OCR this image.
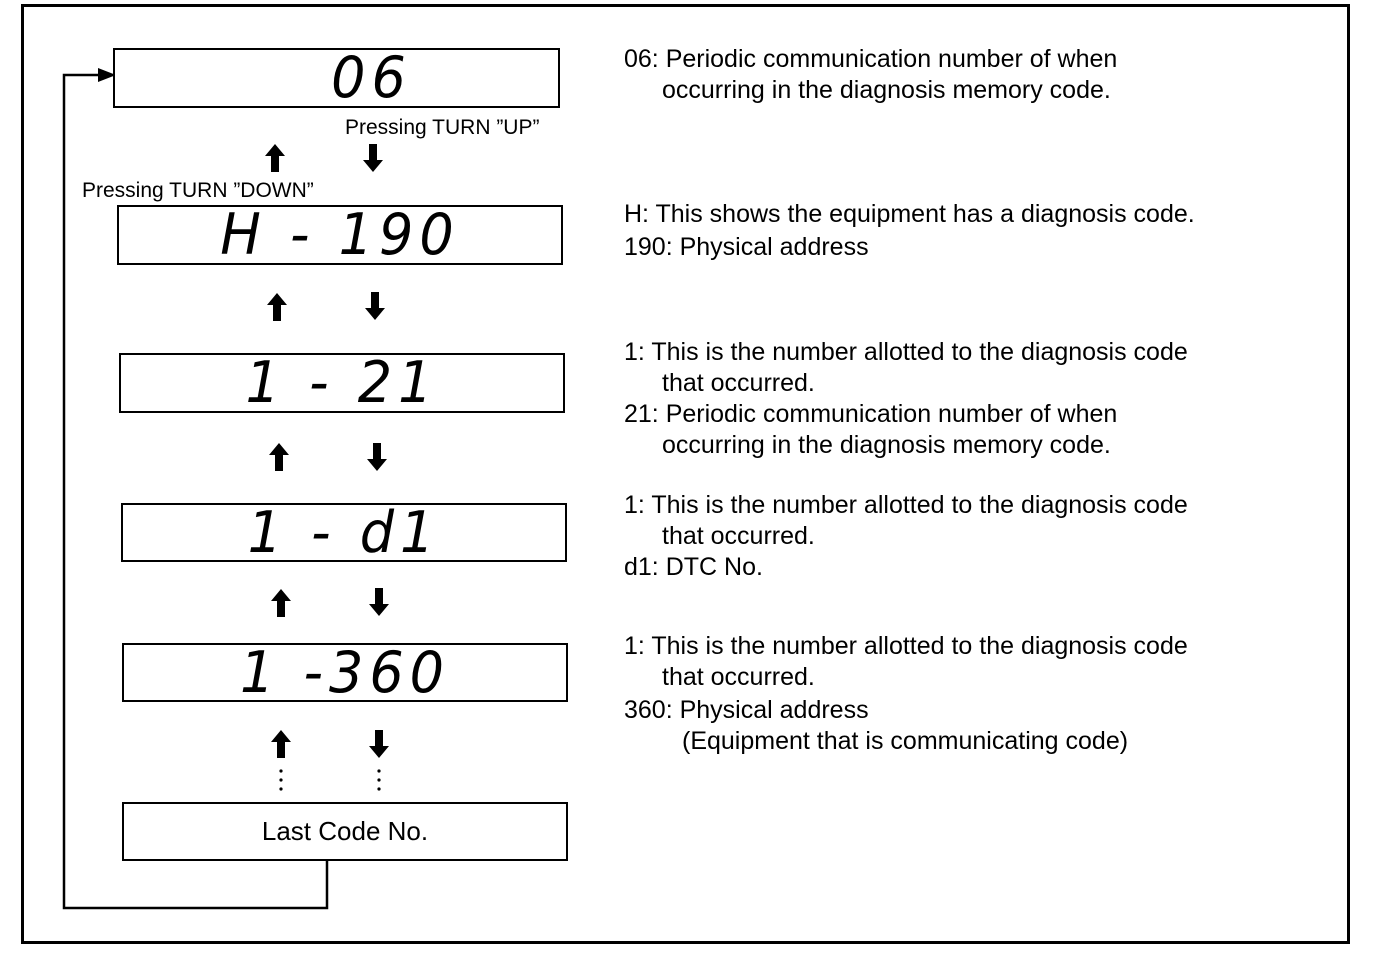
06
H - 190
1 - 21
1 - d1
1 -360
Last Code No.
Pressing TURN ”UP”
Pressing TURN ”DOWN”
06: Periodic communication number of when
occurring in the diagnosis memory code.
H: This shows the equipment has a diagnosis code.
190: Physical address
1: This is the number allotted to the diagnosis code
that occurred.
21: Periodic communication number of when
occurring in the diagnosis memory code.
1: This is the number allotted to the diagnosis code
that occurred.
d1: DTC No.
1: This is the number allotted to the diagnosis code
that occurred.
360: Physical address
(Equipment that is communicating code)
